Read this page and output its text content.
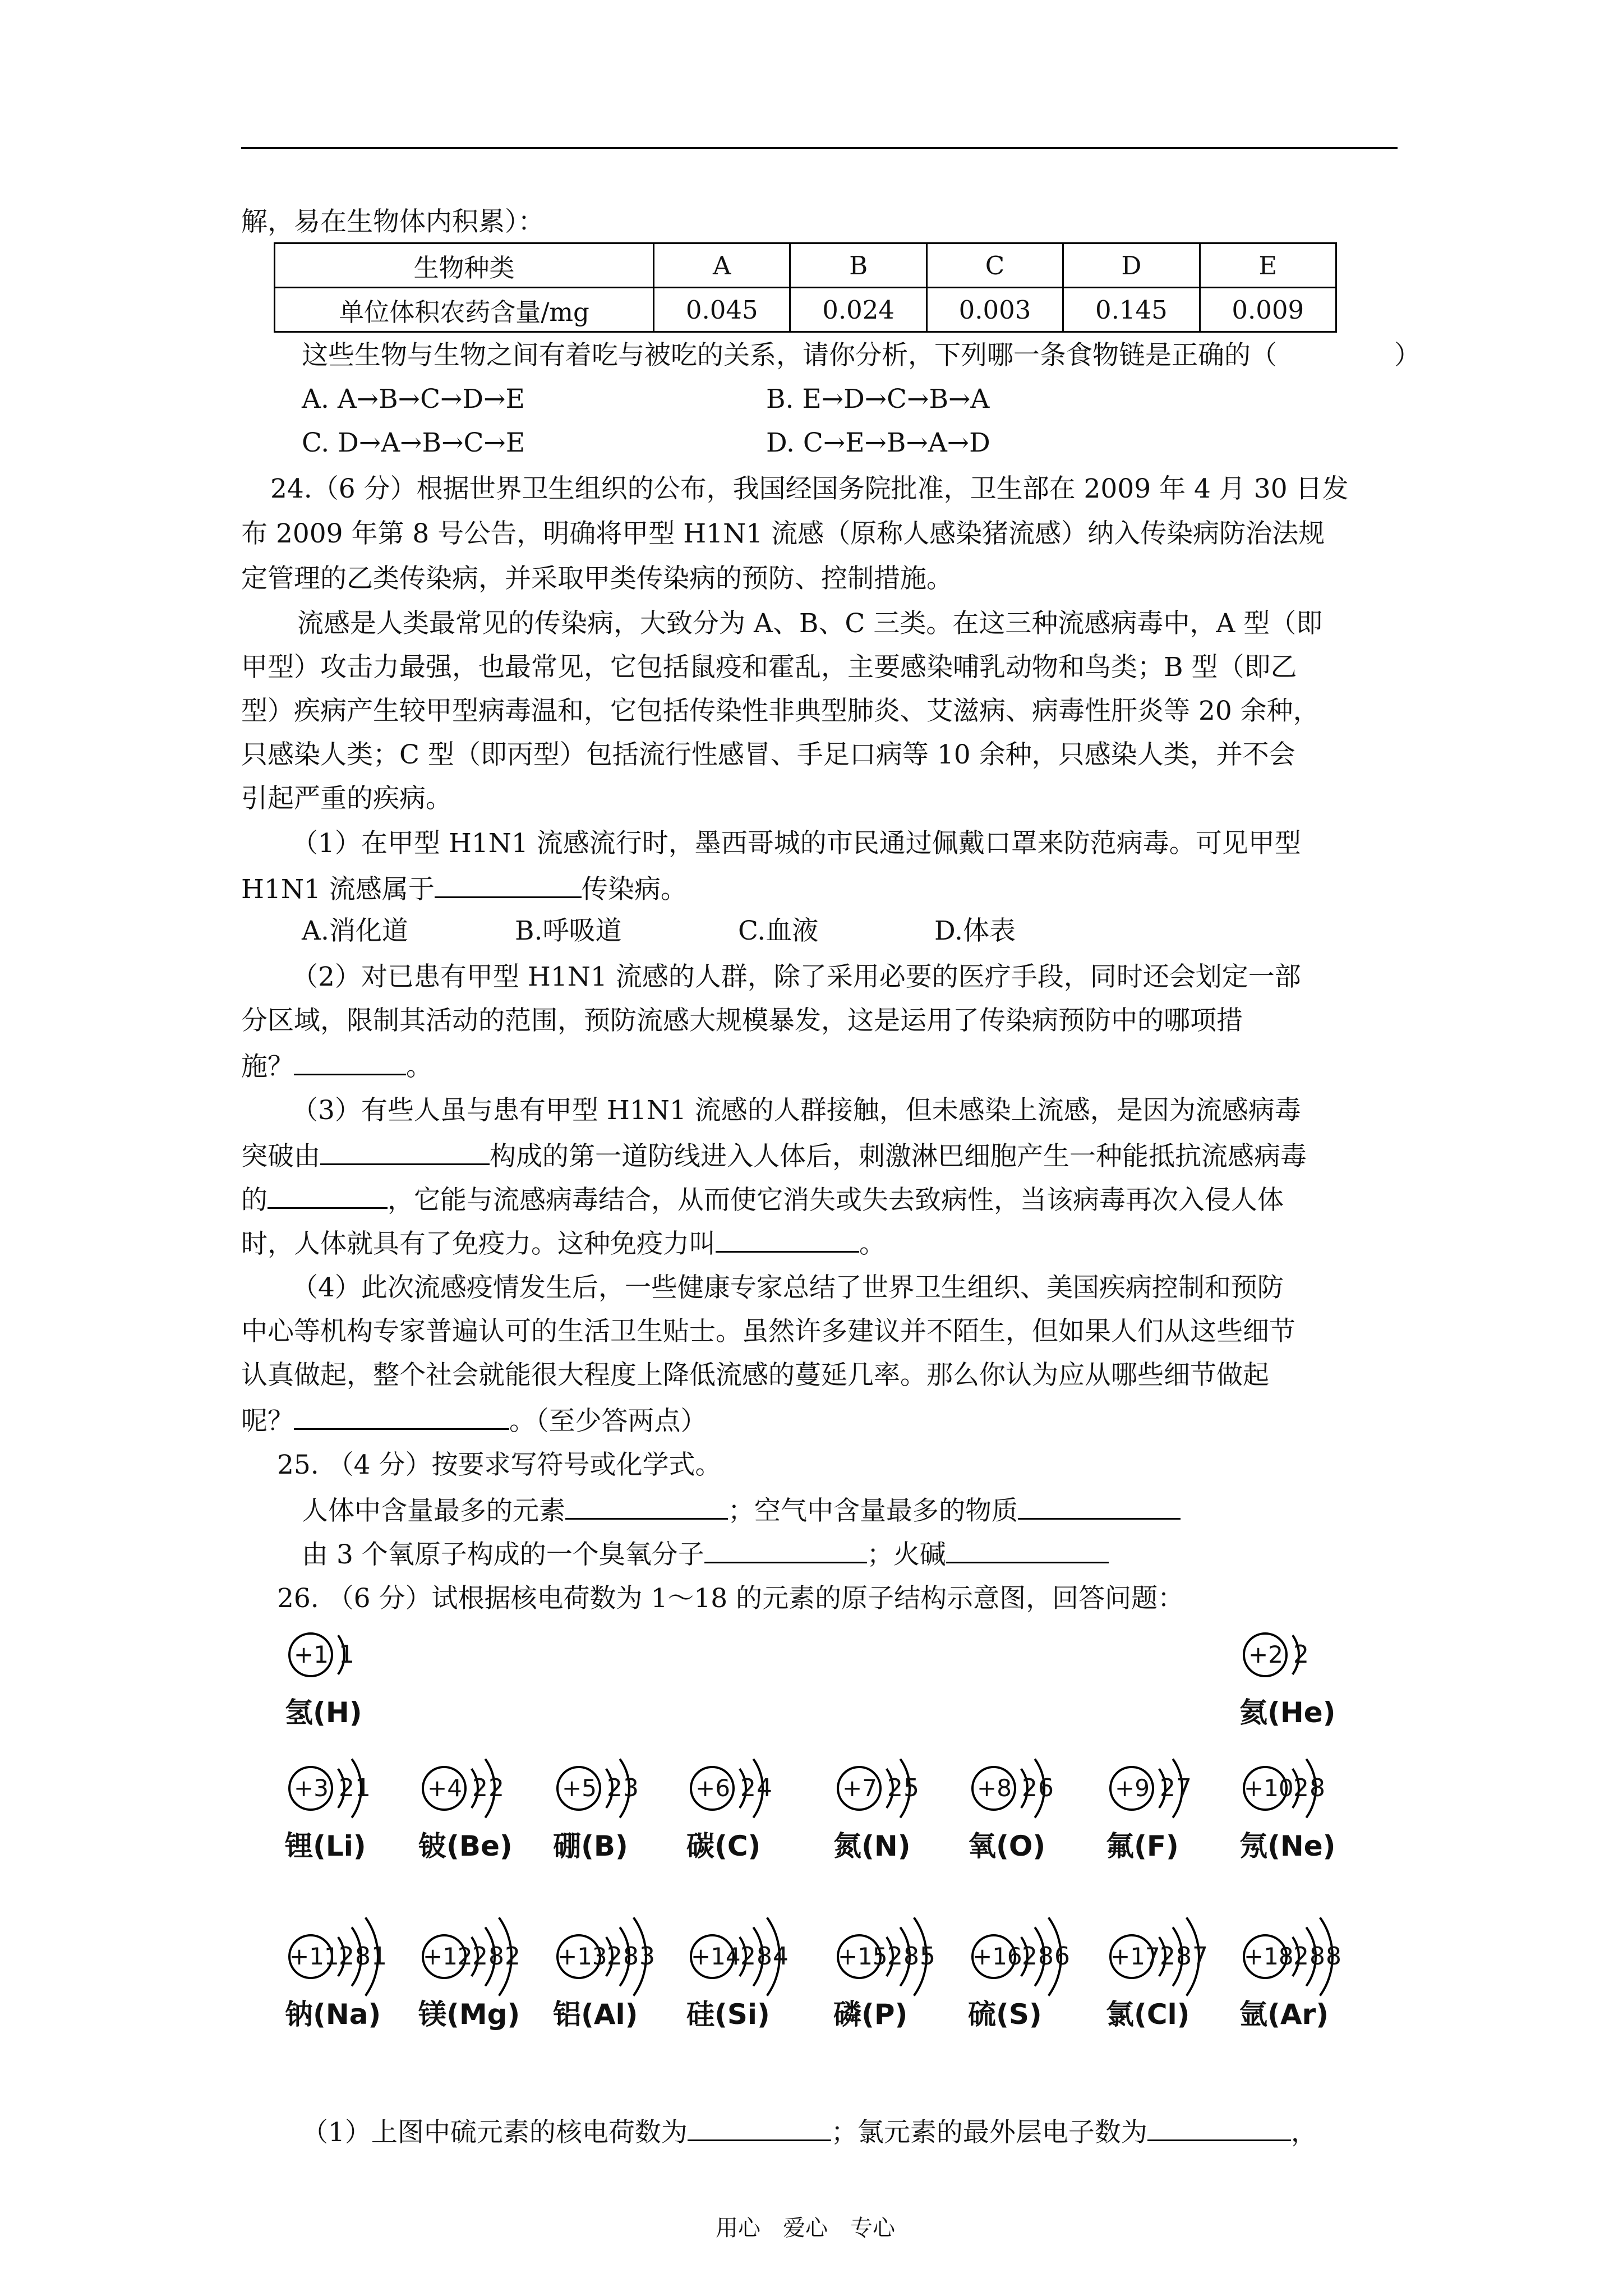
解，易在生物体内积累）：
生物种类	A	B	C	D	E
单位体积农药含量/mg	0.045	0.024	0.003	0.145	0.009
这些生物与生物之间有着吃与被吃的关系，请你分析，下列哪一条食物链是正确的（	）
A. A→B→C→D→E	B. E→D→C→B→A
C. D→A→B→C→E	D. C→E→B→A→D
24.（6 分）根据世界卫生组织的公布，我国经国务院批准，卫生部在 2009 年 4 月 30 日发
布 2009 年第 8 号公告，明确将甲型 H1N1 流感（原称人感染猪流感）纳入传染病防治法规
定管理的乙类传染病，并采取甲类传染病的预防、控制措施。
流感是人类最常见的传染病，大致分为 A、B、C 三类。在这三种流感病毒中，A 型（即
甲型）攻击力最强，也最常见，它包括鼠疫和霍乱，主要感染哺乳动物和鸟类；B 型（即乙
型）疾病产生较甲型病毒温和，它包括传染性非典型肺炎、艾滋病、病毒性肝炎等 20 余种，
只感染人类；C 型（即丙型）包括流行性感冒、手足口病等 10 余种，只感染人类，并不会
引起严重的疾病。
（1）在甲型 H1N1 流感流行时，墨西哥城的市民通过佩戴口罩来防范病毒。可见甲型
H1N1 流感属于	传染病。
A.消化道	B.呼吸道	C.血液	D.体表
（2）对已患有甲型 H1N1 流感的人群，除了采用必要的医疗手段，同时还会划定一部
分区域，限制其活动的范围，预防流感大规模暴发，这是运用了传染病预防中的哪项措
施？	。
（3）有些人虽与患有甲型 H1N1 流感的人群接触，但未感染上流感，是因为流感病毒
突破由	构成的第一道防线进入人体后，刺激淋巴细胞产生一种能抵抗流感病毒
的	，它能与流感病毒结合，从而使它消失或失去致病性，当该病毒再次入侵人体
时，人体就具有了免疫力。这种免疫力叫	。
（4）此次流感疫情发生后，一些健康专家总结了世界卫生组织、美国疾病控制和预防
中心等机构专家普遍认可的生活卫生贴士。虽然许多建议并不陌生，但如果人们从这些细节
认真做起，整个社会就能很大程度上降低流感的蔓延几率。那么你认为应从哪些细节做起
呢？	。（至少答两点）
25. （4 分）按要求写符号或化学式。
人体中含量最多的元素	；空气中含量最多的物质
由 3 个氧原子构成的一个臭氧分子	；火碱
26. （6 分）试根据核电荷数为 1～18 的元素的原子结构示意图，回答问题：
+1 1
氢(H)
+2 2
氦(He)
+3 21
锂(Li)
+4 22
铍(Be)
+5 23
硼(B)
+6 24
碳(C)
+7 25
氮(N)
+8 26
氧(O)
+9 27
氟(F)
+10 28
氖(Ne)
+11 281
钠(Na)
+12 282
镁(Mg)
+13 283
铝(Al)
+14 284
硅(Si)
+15 285
磷(P)
+16 286
硫(S)
+17 287
氯(Cl)
+18 288
氩(Ar)
（1）上图中硫元素的核电荷数为	；氯元素的最外层电子数为	，
用心　爱心　专心
